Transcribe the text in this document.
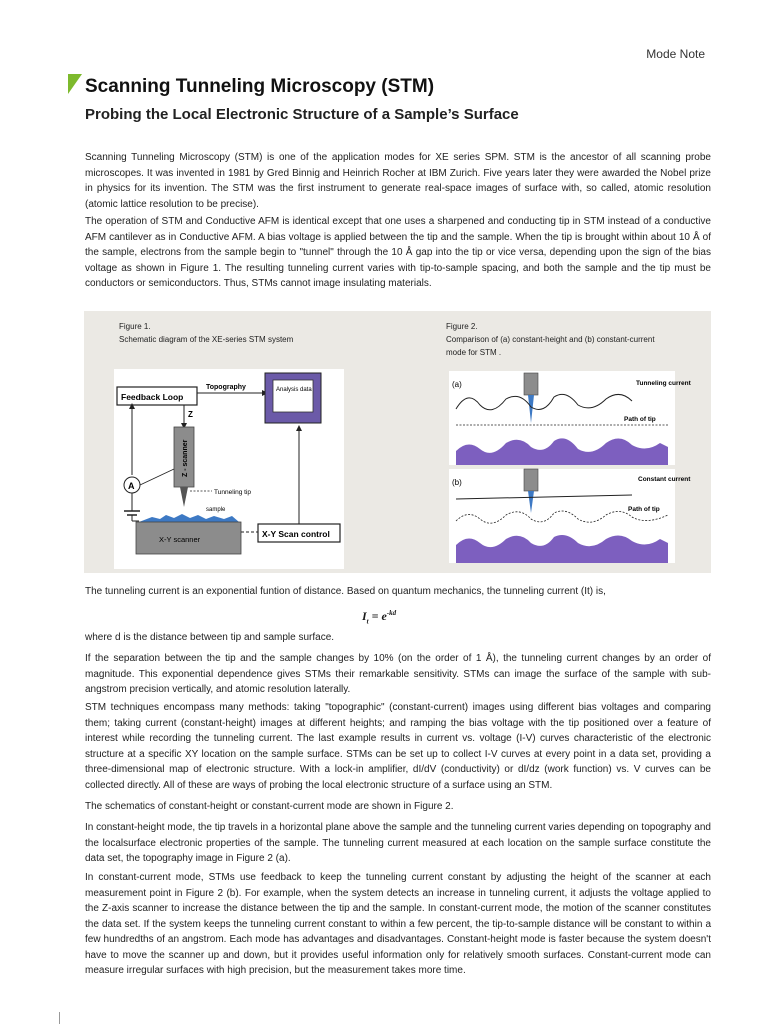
Mode Note
Scanning Tunneling Microscopy (STM)
Probing the Local Electronic Structure of a Sample’s Surface

Scanning Tunneling Microscopy (STM) is one of the application modes for XE series SPM. STM is the ancestor of all scanning probe microscopes. It was invented in 1981 by Gred Binnig and Heinrich Rocher at IBM Zurich. Five years later they were awarded the Nobel prize in physics for its invention. The STM was the first instrument to generate real-space images of surface with, so called, atomic resolution (atomic lattice resolution to be precise).

The operation of STM and Conductive AFM is identical except that one uses a sharpened and conducting tip in STM instead of a conductive AFM cantilever as in Conductive AFM. A bias voltage is applied between the tip and the sample. When the tip is brought within about 10 Å of the sample, electrons from the sample begin to "tunnel" through the 10 Å gap into the tip or vice versa, depending upon the sign of the bias voltage as shown in Figure 1. The resulting tunneling current varies with tip-to-sample spacing, and both the sample and the tip must be conductors or semiconductors. Thus, STMs cannot image insulating materials.

Figure 1.

Schematic diagram of the XE-series STM system

Figure 2.

Comparison of (a) constant-height and (b) constant-current mode for STM .

Feedback Loop
Topography	Analysis data
Z
Z - scanner
Tunneling tip
A
sample
X-Y scanner
X-Y Scan control
(a)	Tunneling current
Path of tip
(b)	Constant current
Path of tip

The tunneling current is an exponential funtion of distance. Based on quantum mechanics, the tunneling current (It) is,

$I_t = e^{-kd}$

where d is the distance between tip and sample surface.

If the separation between the tip and the sample changes by 10% (on the order of 1 Å), the tunneling current changes by an order of magnitude. This exponential dependence gives STMs their remarkable sensitivity. STMs can image the surface of the sample with sub-angstrom precision vertically, and atomic resolution laterally.

STM techniques encompass many methods: taking "topographic" (constant-current) images using different bias voltages and comparing them; taking current (constant-height) images at different heights; and ramping the bias voltage with the tip positioned over a feature of interest while recording the tunneling current. The last example results in current vs. voltage (I-V) curves characteristic of the electronic structure at a specific XY location on the sample surface. STMs can be set up to collect I-V curves at every point in a data set, providing a three-dimensional map of electronic structure. With a lock-in amplifier, dI/dV (conductivity) or dI/dz (work function) vs. V curves can be collected directly. All of these are ways of probing the local electronic structure of a surface using an STM.

The schematics of constant-height or constant-current mode are shown in Figure 2.

In constant-height mode, the tip travels in a horizontal plane above the sample and the tunneling current varies depending on topography and the localsurface electronic properties of the sample. The tunneling current measured at each location on the sample surface constitute the data set, the topography image in Figure 2 (a).

In constant-current mode, STMs use feedback to keep the tunneling current constant by adjusting the height of the scanner at each measurement point in Figure 2 (b). For example, when the system detects an increase in tunneling current, it adjusts the voltage applied to the Z-axis scanner to increase the distance between the tip and the sample. In constant-current mode, the motion of the scanner constitutes the data set. If the system keeps the tunneling current constant to within a few percent, the tip-to-sample distance will be constant to within a few hundredths of an angstrom. Each mode has advantages and disadvantages. Constant-height mode is faster because the system doesn't have to move the scanner up and down, but it provides useful information only for relatively smooth surfaces. Constant-current mode can measure irregular surfaces with high precision, but the measurement takes more time.
